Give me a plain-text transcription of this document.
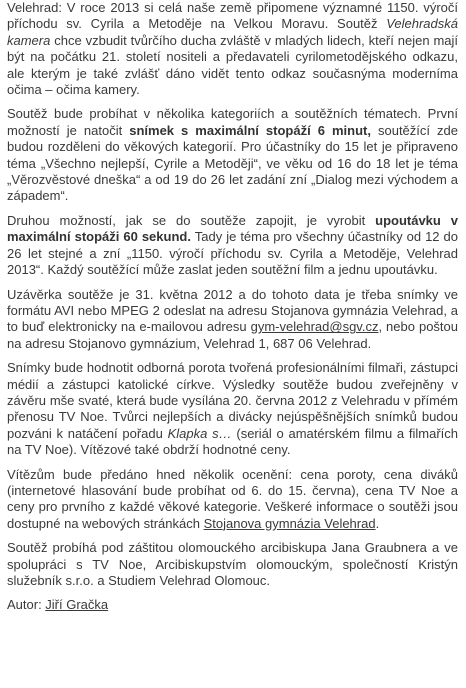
Velehrad: V roce 2013 si celá naše země připomene významné 1150. výročí příchodu sv. Cyrila a Metoděje na Velkou Moravu. Soutěž Velehradská kamera chce vzbudit tvůrčího ducha zvláště v mladých lidech, kteří nejen mají být na počátku 21. století nositeli a předavateli cyrilometodějského odkazu, ale kterým je také zvlášť dáno vidět tento odkaz současnýma moderníma očima – očima kamery.

Soutěž bude probíhat v několika kategoriích a soutěžních tématech. První možností je natočit snímek s maximální stopáží 6 minut, soutěžící zde budou rozděleni do věkových kategorií. Pro účastníky do 15 let je připraveno téma „Všechno nejlepší, Cyrile a Metoději“, ve věku od 16 do 18 let je téma „Věrozvěstové dneška“ a od 19 do 26 let zadání zní „Dialog mezi východem a západem“.

Druhou možností, jak se do soutěže zapojit, je vyrobit upoutávku v maximální stopáži 60 sekund. Tady je téma pro všechny účastníky od 12 do 26 let stejné a zní „1150. výročí příchodu sv. Cyrila a Metoděje, Velehrad 2013“. Každý soutěžící může zaslat jeden soutěžní film a jednu upoutávku.

Uzávěrka soutěže je 31. května 2012 a do tohoto data je třeba snímky ve formátu AVI nebo MPEG 2 odeslat na adresu Stojanova gymnázia Velehrad, a to buď elektronicky na e-mailovou adresu gym-velehrad@sgv.cz, nebo poštou na adresu Stojanovo gymnázium, Velehrad 1, 687 06 Velehrad.

Snímky bude hodnotit odborná porota tvořená profesionálními filmaři, zástupci médií a zástupci katolické církve. Výsledky soutěže budou zveřejněny v závěru mše svaté, která bude vysílána 20. června 2012 z Velehradu v přímém přenosu TV Noe. Tvůrci nejlepších a divácky nejúspěšnějších snímků budou pozváni k natáčení pořadu Klapka s… (seriál o amatérském filmu a filmařích na TV Noe). Vítězové také obdrží hodnotné ceny.

Vítězům bude předáno hned několik ocenění: cena poroty, cena diváků (internetové hlasování bude probíhat od 6. do 15. června), cena TV Noe a ceny pro prvního z každé věkové kategorie. Veškeré informace o soutěži jsou dostupné na webových stránkách Stojanova gymnázia Velehrad.

Soutěž probíhá pod záštitou olomouckého arcibiskupa Jana Graubnera a ve spolupráci s TV Noe, Arcibiskupstvím olomouckým, společností Kristýn služebník s.r.o. a Studiem Velehrad Olomouc.

Autor: Jiří Gračka
